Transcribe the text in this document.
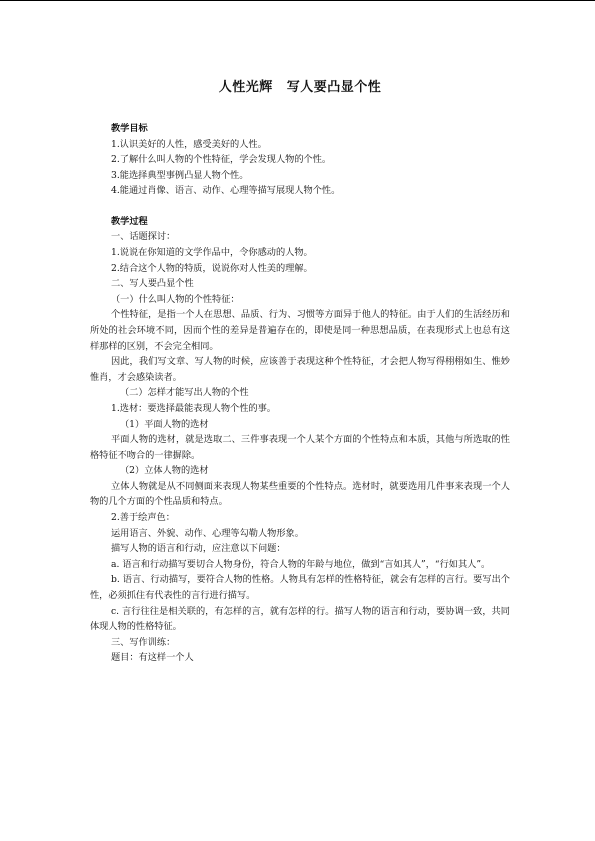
人性光辉 写人要凸显个性

教学目标

1.认识美好的人性，感受美好的人性。

2.了解什么叫人物的个性特征，学会发现人物的个性。

3.能选择典型事例凸显人物个性。

4.能通过肖像、语言、动作、心理等描写展现人物个性。

教学过程

一、话题探讨：

1.说说在你知道的文学作品中，令你感动的人物。

2.结合这个人物的特质，说说你对人性美的理解。

二、写人要凸显个性

（一）什么叫人物的个性特征：

个性特征，是指一个人在思想、品质、行为、习惯等方面异于他人的特征。由于人们的生活经历和所处的社会环境不同，因而个性的差异是普遍存在的，即使是同一种思想品质，在表现形式上也总有这样那样的区别，不会完全相同。

因此，我们写文章、写人物的时候，应该善于表现这种个性特征，才会把人物写得栩栩如生、惟妙惟肖，才会感染读者。

（二）怎样才能写出人物的个性

1.选材：要选择最能表现人物个性的事。

（1）平面人物的选材

平面人物的选材，就是选取二、三件事表现一个人某个方面的个性特点和本质，其他与所选取的性格特征不吻合的一律摒除。

（2）立体人物的选材

立体人物就是从不同侧面来表现人物某些重要的个性特点。选材时，就要选用几件事来表现一个人物的几个方面的个性品质和特点。

2.善于绘声色：

运用语言、外貌、动作、心理等勾勒人物形象。

描写人物的语言和行动，应注意以下问题：

a. 语言和行动描写要切合人物身份，符合人物的年龄与地位，做到“言如其人”，“行如其人”。

b. 语言、行动描写，要符合人物的性格。人物具有怎样的性格特征，就会有怎样的言行。要写出个性，必须抓住有代表性的言行进行描写。

c. 言行往往是相关联的，有怎样的言，就有怎样的行。描写人物的语言和行动，要协调一致，共同体现人物的性格特征。

三、写作训练：

题目：有这样一个人
